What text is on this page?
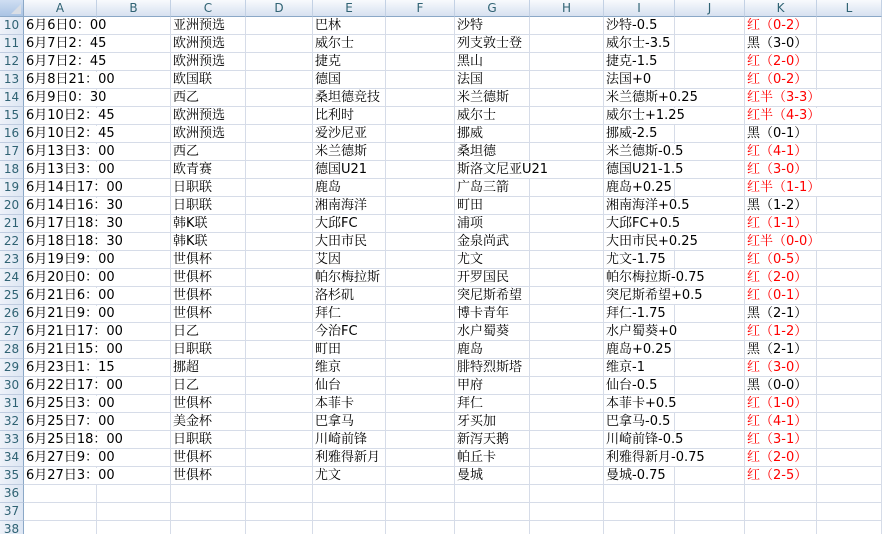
A	B	C	D	E	F	G	H	I	J	K	L
10 6月6日0：00	亚洲预选	巴林	沙特	沙特-0.5	红（0-2）
11 6月7日2：45	欧洲预选	威尔士	列支敦士登	威尔士-3.5	黑（3-0）
12 6月7日2：45	欧洲预选	捷克	黑山	捷克-1.5	红（2-0）
13 6月8日21：00	欧国联	德国	法国	法国+0	红（0-2）
14 6月9日0：30	西乙	桑坦德竞技	米兰德斯	米兰德斯+0.25	红半（3-3）
15 6月10日2：45	欧洲预选	比利时	威尔士	威尔士+1.25	红半（4-3）
16 6月10日2：45	欧洲预选	爱沙尼亚	挪威	挪威-2.5	黑（0-1）
17 6月13日3：00	西乙	米兰德斯	桑坦德	米兰德斯-0.5	红（4-1）
18 6月13日3：00	欧青赛	德国U21	斯洛文尼亚U21	德国U21-1.5	红（3-0）
19 6月14日17：00	日职联	鹿岛	广岛三箭	鹿岛+0.25	红半（1-1）
20 6月14日16：30	日职联	湘南海洋	町田	湘南海洋+0.5	黑（1-2）
21 6月17日18：30	韩K联	大邱FC	浦项	大邱FC+0.5	红（1-1）
22 6月18日18：30	韩K联	大田市民	金泉尚武	大田市民+0.25	红半（0-0）
23 6月19日9：00	世俱杯	艾因	尤文	尤文-1.75	红（0-5）
24 6月20日0：00	世俱杯	帕尔梅拉斯	开罗国民	帕尔梅拉斯-0.75	红（2-0）
25 6月21日6：00	世俱杯	洛杉矶	突尼斯希望	突尼斯希望+0.5	红（0-1）
26 6月21日9：00	世俱杯	拜仁	博卡青年	拜仁-1.75	黑（2-1）
27 6月21日17：00	日乙	今治FC	水户蜀葵	水户蜀葵+0	红（1-2）
28 6月21日15：00	日职联	町田	鹿岛	鹿岛+0.25	黑（2-1）
29 6月23日1：15	挪超	维京	腓特烈斯塔	维京-1	红（3-0）
30 6月22日17：00	日乙	仙台	甲府	仙台-0.5	黑（0-0）
31 6月25日3：00	世俱杯	本菲卡	拜仁	本菲卡+0.5	红（1-0）
32 6月25日7：00	美金杯	巴拿马	牙买加	巴拿马-0.5	红（4-1）
33 6月25日18：00	日职联	川崎前锋	新泻天鹅	川崎前锋-0.5	红（3-1）
34 6月27日9：00	世俱杯	利雅得新月	帕丘卡	利雅得新月-0.75	红（2-0）
35 6月27日3：00	世俱杯	尤文	曼城	曼城-0.75	红（2-5）
36
37
38
